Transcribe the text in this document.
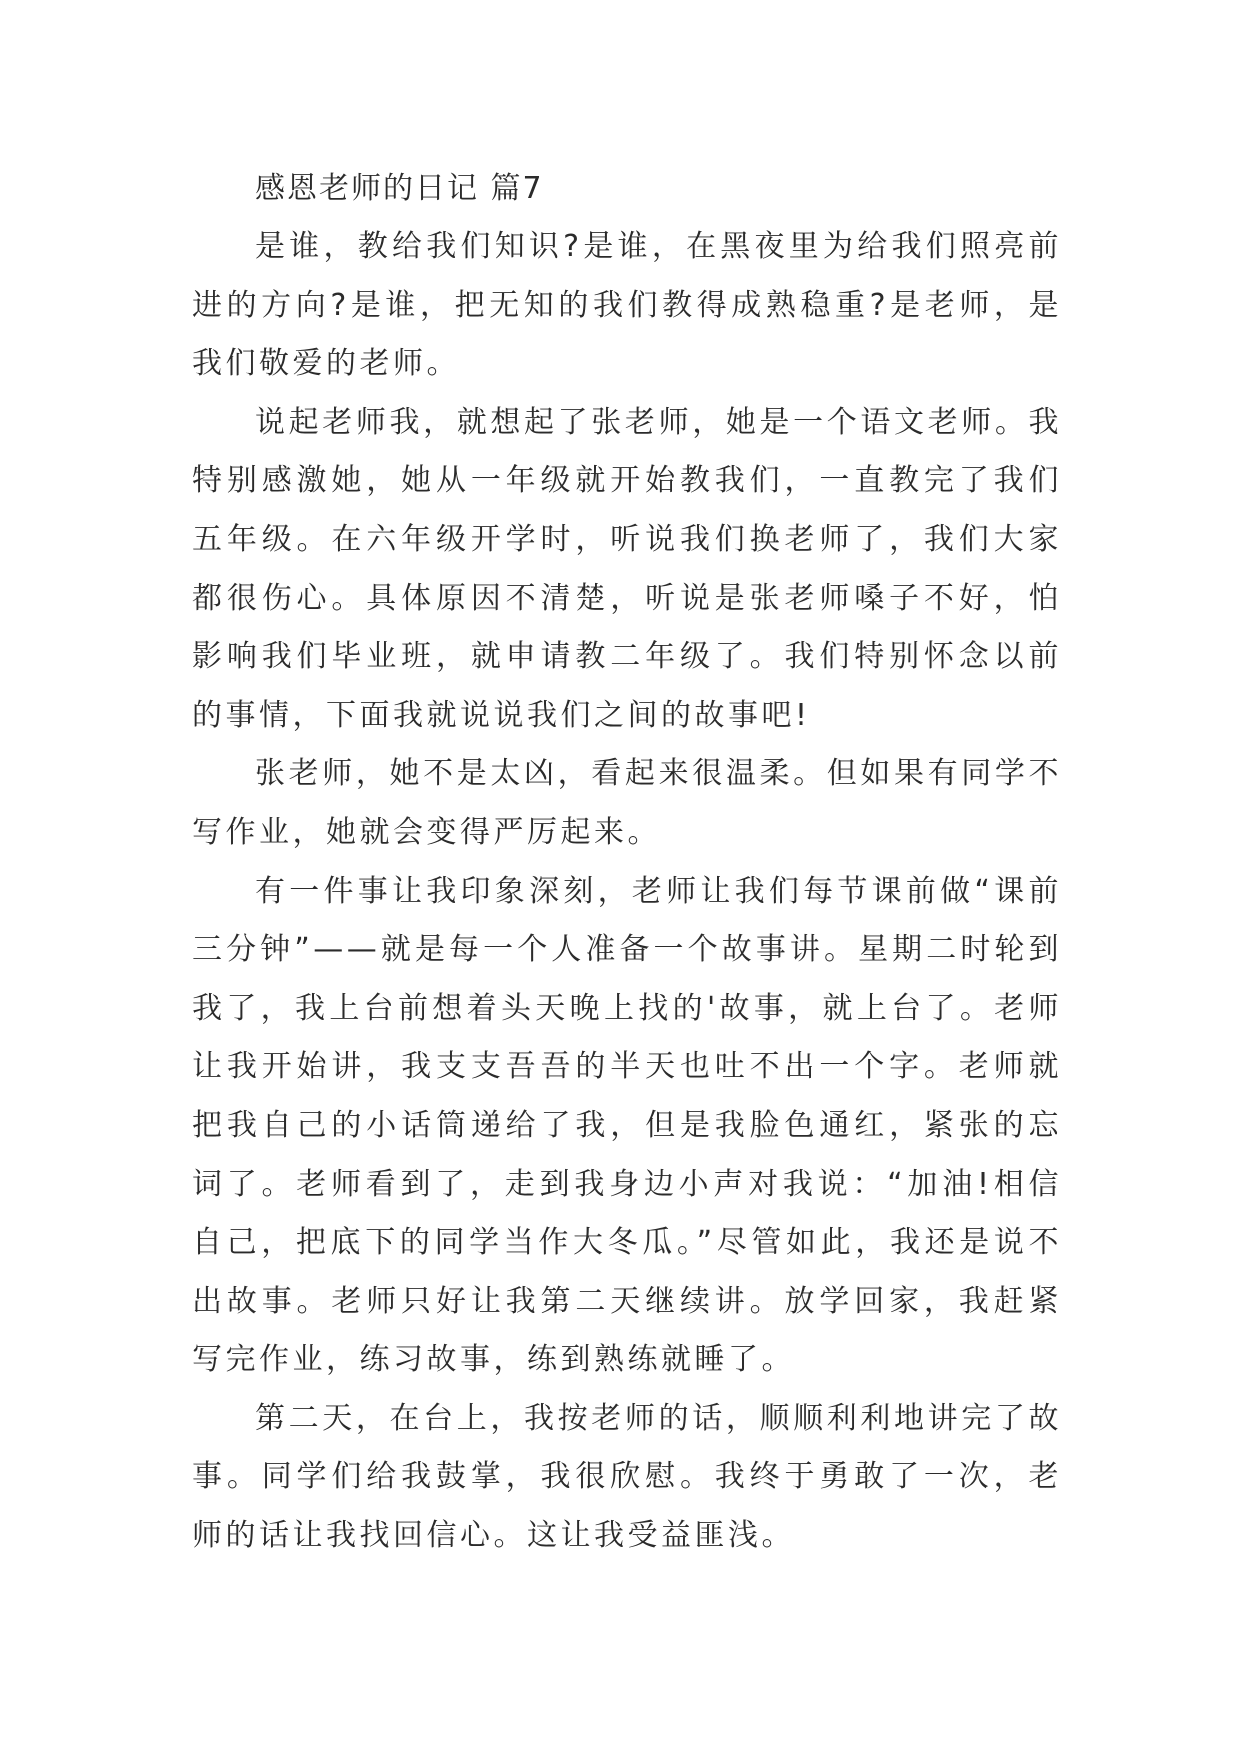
感恩老师的日记 篇7

是谁，教给我们知识?是谁，在黑夜里为给我们照亮前进的方向?是谁，把无知的我们教得成熟稳重?是老师，是我们敬爱的老师。

说起老师我，就想起了张老师，她是一个语文老师。我特别感激她，她从一年级就开始教我们，一直教完了我们五年级。在六年级开学时，听说我们换老师了，我们大家都很伤心。具体原因不清楚，听说是张老师嗓子不好，怕影响我们毕业班，就申请教二年级了。我们特别怀念以前的事情，下面我就说说我们之间的故事吧!

张老师，她不是太凶，看起来很温柔。但如果有同学不写作业，她就会变得严厉起来。

有一件事让我印象深刻，老师让我们每节课前做“课前三分钟”——就是每一个人准备一个故事讲。星期二时轮到我了，我上台前想着头天晚上找的'故事，就上台了。老师让我开始讲，我支支吾吾的半天也吐不出一个字。老师就把我自己的小话筒递给了我，但是我脸色通红，紧张的忘词了。老师看到了，走到我身边小声对我说：“加油!相信自己，把底下的同学当作大冬瓜。”尽管如此，我还是说不出故事。老师只好让我第二天继续讲。放学回家，我赶紧写完作业，练习故事，练到熟练就睡了。

第二天，在台上，我按老师的话，顺顺利利地讲完了故事。同学们给我鼓掌，我很欣慰。我终于勇敢了一次，老师的话让我找回信心。这让我受益匪浅。
